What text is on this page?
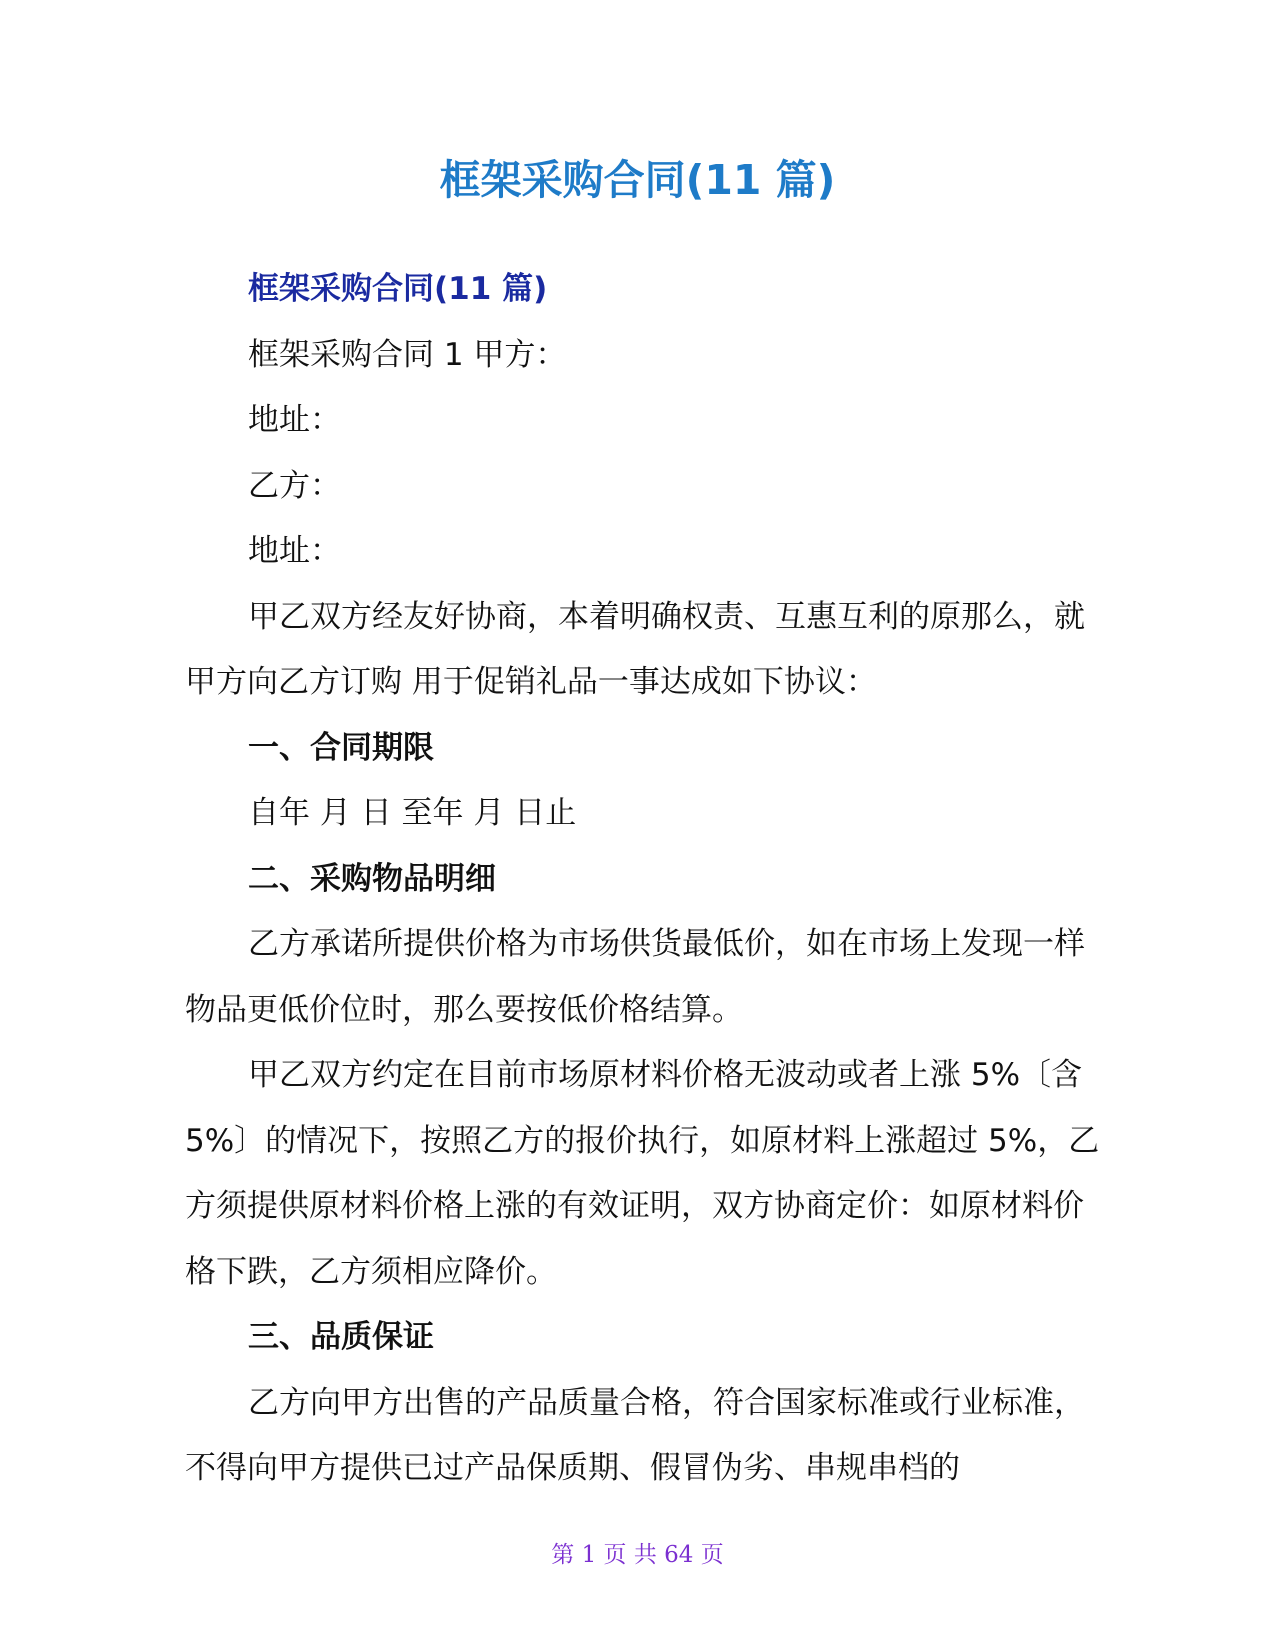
框架采购合同(11 篇)

框架采购合同(11 篇)

框架采购合同 1 甲方：

地址：

乙方：

地址：

甲乙双方经友好协商，本着明确权责、互惠互利的原那么，就甲方向乙方订购 用于促销礼品一事达成如下协议：

一、合同期限

自年 月 日 至年 月 日止

二、采购物品明细

乙方承诺所提供价格为市场供货最低价，如在市场上发现一样物品更低价位时，那么要按低价格结算。

甲乙双方约定在目前市场原材料价格无波动或者上涨 5%〔含 5%〕的情况下，按照乙方的报价执行，如原材料上涨超过 5%，乙方须提供原材料价格上涨的有效证明，双方协商定价：如原材料价格下跌，乙方须相应降价。

三、品质保证

乙方向甲方出售的产品质量合格，符合国家标准或行业标准，不得向甲方提供已过产品保质期、假冒伪劣、串规串档的

第 1 页 共 64 页
